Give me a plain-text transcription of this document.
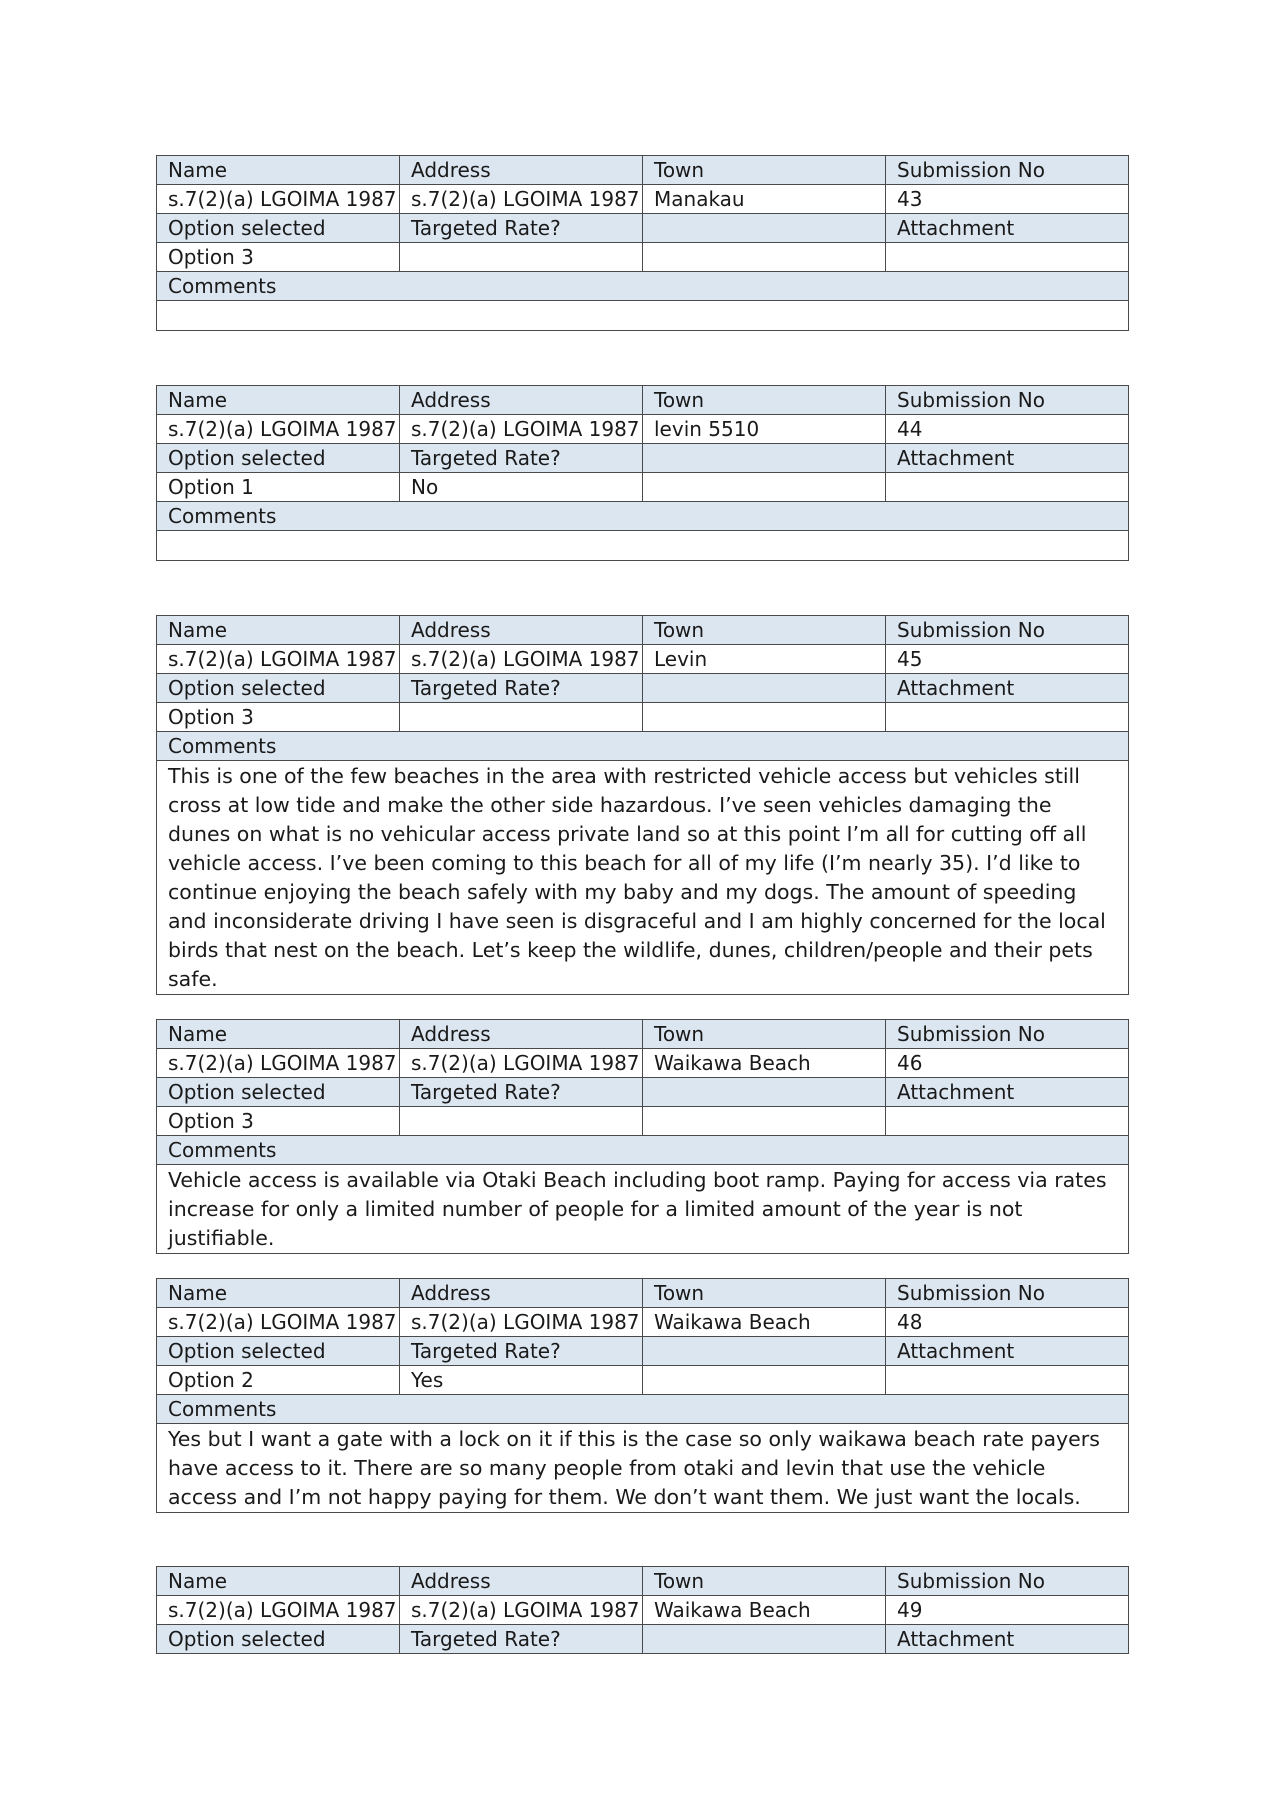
Name	Address	Town	Submission No
s.7(2)(a) LGOIMA 1987	s.7(2)(a) LGOIMA 1987	Manakau	43
Option selected	Targeted Rate?		Attachment
Option 3			
Comments			

Name	Address	Town	Submission No
s.7(2)(a) LGOIMA 1987	s.7(2)(a) LGOIMA 1987	levin 5510	44
Option selected	Targeted Rate?		Attachment
Option 1	No		
Comments			

Name	Address	Town	Submission No
s.7(2)(a) LGOIMA 1987	s.7(2)(a) LGOIMA 1987	Levin	45
Option selected	Targeted Rate?		Attachment
Option 3			
Comments			
This is one of the few beaches in the area with restricted vehicle access but vehicles still cross at low tide and make the other side hazardous. I’ve seen vehicles damaging the dunes on what is no vehicular access private land so at this point I’m all for cutting off all vehicle access. I’ve been coming to this beach for all of my life (I’m nearly 35). I’d like to continue enjoying the beach safely with my baby and my dogs. The amount of speeding and inconsiderate driving I have seen is disgraceful and I am highly concerned for the local birds that nest on the beach. Let’s keep the wildlife, dunes, children/people and their pets safe.			
Name	Address	Town	Submission No
s.7(2)(a) LGOIMA 1987	s.7(2)(a) LGOIMA 1987	Waikawa Beach	46
Option selected	Targeted Rate?		Attachment
Option 3			
Comments			
Vehicle access is available via Otaki Beach including boot ramp. Paying for access via rates increase for only a limited number of people for a limited amount of the year is not justifiable.			
Name	Address	Town	Submission No
s.7(2)(a) LGOIMA 1987	s.7(2)(a) LGOIMA 1987	Waikawa Beach	48
Option selected	Targeted Rate?		Attachment
Option 2	Yes		
Comments			
Yes but I want a gate with a lock on it if this is the case so only waikawa beach rate payers have access to it. There are so many people from otaki and levin that use the vehicle access and I’m not happy paying for them. We don’t want them. We just want the locals.			
Name	Address	Town	Submission No
s.7(2)(a) LGOIMA 1987	s.7(2)(a) LGOIMA 1987	Waikawa Beach	49
Option selected	Targeted Rate?		Attachment
